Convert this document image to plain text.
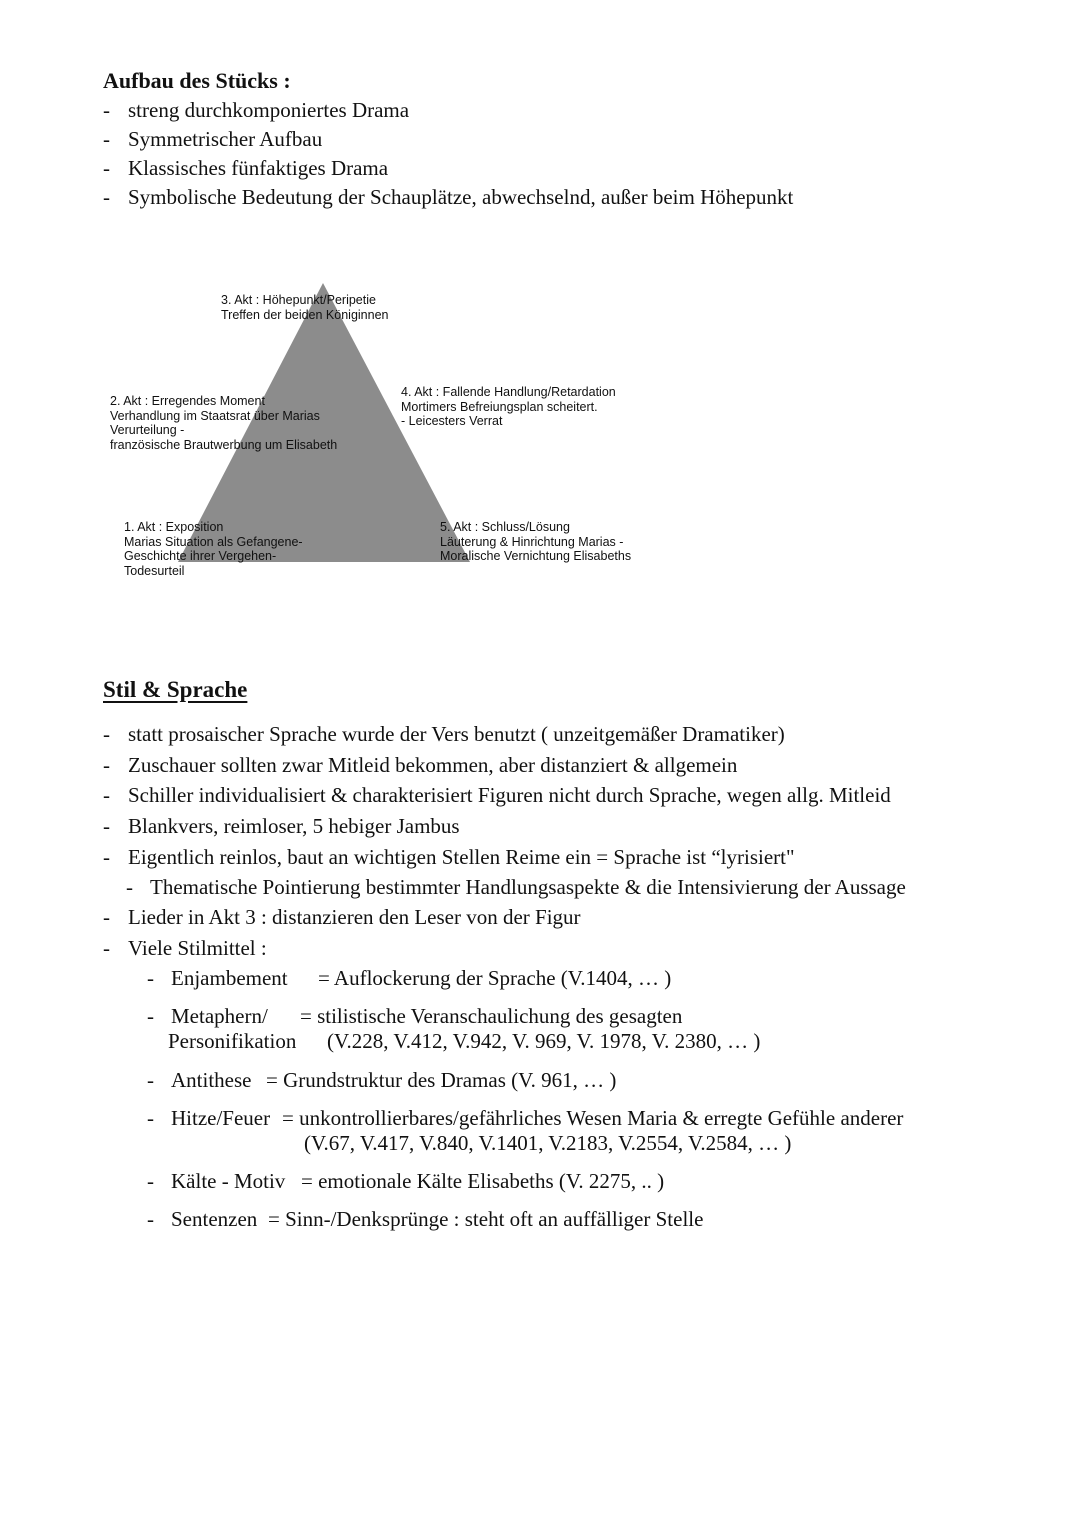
Aufbau des Stücks :
- streng durchkomponiertes Drama
- Symmetrischer Aufbau
- Klassisches fünfaktiges Drama
- Symbolische Bedeutung der Schauplätze, abwechselnd, außer beim Höhepunkt
3. Akt : Höhepunkt/Peripetie
Treffen der beiden Königinnen
2. Akt : Erregendes Moment
Verhandlung im Staatsrat über Marias
Verurteilung -
französische Brautwerbung um Elisabeth
4. Akt : Fallende Handlung/Retardation
Mortimers Befreiungsplan scheitert.
- Leicesters Verrat
1. Akt : Exposition
Marias Situation als Gefangene-
Geschichte ihrer Vergehen-
Todesurteil
5. Akt : Schluss/Lösung
Läuterung & Hinrichtung Marias -
Moralische Vernichtung Elisabeths
Stil & Sprache
- statt prosaischer Sprache wurde der Vers benutzt ( unzeitgemäßer Dramatiker)
- Zuschauer sollten zwar Mitleid bekommen, aber distanziert & allgemein
- Schiller individualisiert & charakterisiert Figuren nicht durch Sprache, wegen allg. Mitleid
- Blankvers, reimloser, 5 hebiger Jambus
- Eigentlich reinlos, baut an wichtigen Stellen Reime ein = Sprache ist “lyrisiert"
- Thematische Pointierung bestimmter Handlungsaspekte & die Intensivierung der Aussage
- Lieder in Akt 3 : distanzieren den Leser von der Figur
- Viele Stilmittel :
- Enjambement = Auflockerung der Sprache (V.1404, … )
- Metaphern/
Personifikation
= stilistische Veranschaulichung des gesagten
(V.228, V.412, V.942, V. 969, V. 1978, V. 2380, … )
- Antithese = Grundstruktur des Dramas (V. 961, … )
- Hitze/Feuer = unkontrollierbares/gefährliches Wesen Maria & erregte Gefühle anderer
(V.67, V.417, V.840, V.1401, V.2183, V.2554, V.2584, … )
- Kälte - Motiv = emotionale Kälte Elisabeths (V. 2275, .. )
- Sentenzen = Sinn-/Denksprünge : steht oft an auffälliger Stelle
